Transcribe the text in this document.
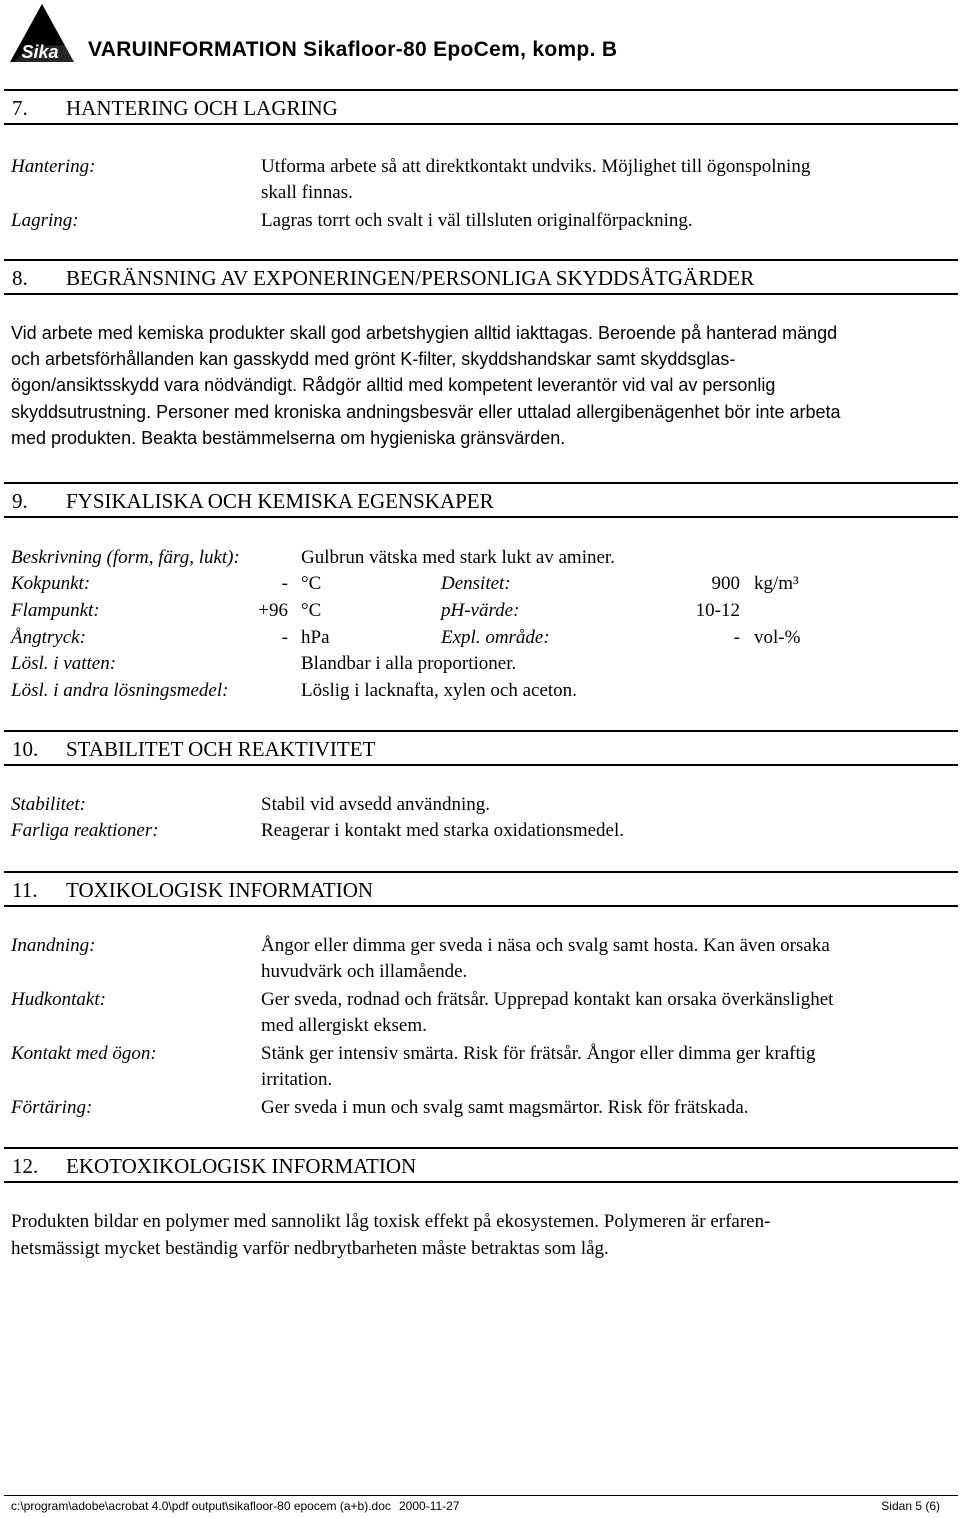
Sika VARUINFORMATION Sikafloor-80 EpoCem, komp. B
7. HANTERING OCH LAGRING
Hantering:	Utforma arbete så att direktkontakt undviks. Möjlighet till ögonspolning
skall finnas.
Lagring:	Lagras torrt och svalt i väl tillsluten originalförpackning.
8. BEGRÄNSNING AV EXPONERINGEN/PERSONLIGA SKYDDSÅTGÄRDER
Vid arbete med kemiska produkter skall god arbetshygien alltid iakttagas. Beroende på hanterad mängd
och arbetsförhållanden kan gasskydd med grönt K-filter, skyddshandskar samt skyddsglas-
ögon/ansiktsskydd vara nödvändigt. Rådgör alltid med kompetent leverantör vid val av personlig
skyddsutrustning. Personer med kroniska andningsbesvär eller uttalad allergibenägenhet bör inte arbeta
med produkten. Beakta bestämmelserna om hygieniska gränsvärden.
9. FYSIKALISKA OCH KEMISKA EGENSKAPER
Beskrivning (form, färg, lukt):	Gulbrun vätska med stark lukt av aminer.
Kokpunkt:	- °C	Densitet:	900 kg/m³
Flampunkt:	+96 °C	pH-värde:	10-12
Ångtryck:	- hPa	Expl. område:	- vol-%
Lösl. i vatten:	Blandbar i alla proportioner.
Lösl. i andra lösningsmedel:	Löslig i lacknafta, xylen och aceton.
10. STABILITET OCH REAKTIVITET
Stabilitet:	Stabil vid avsedd användning.
Farliga reaktioner:	Reagerar i kontakt med starka oxidationsmedel.
11. TOXIKOLOGISK INFORMATION
Inandning:	Ångor eller dimma ger sveda i näsa och svalg samt hosta. Kan även orsaka
huvudvärk och illamående.
Hudkontakt:	Ger sveda, rodnad och frätsår. Upprepad kontakt kan orsaka överkänslighet
med allergiskt eksem.
Kontakt med ögon:	Stänk ger intensiv smärta. Risk för frätsår. Ångor eller dimma ger kraftig
irritation.
Förtäring:	Ger sveda i mun och svalg samt magsmärtor. Risk för frätskada.
12. EKOTOXIKOLOGISK INFORMATION
Produkten bildar en polymer med sannolikt låg toxisk effekt på ekosystemen. Polymeren är erfaren-
hetsmässigt mycket beständig varför nedbrytbarheten måste betraktas som låg.
c:\program\adobe\acrobat 4.0\pdf output\sikafloor-80 epocem (a+b).doc 2000-11-27	Sidan 5 (6)
